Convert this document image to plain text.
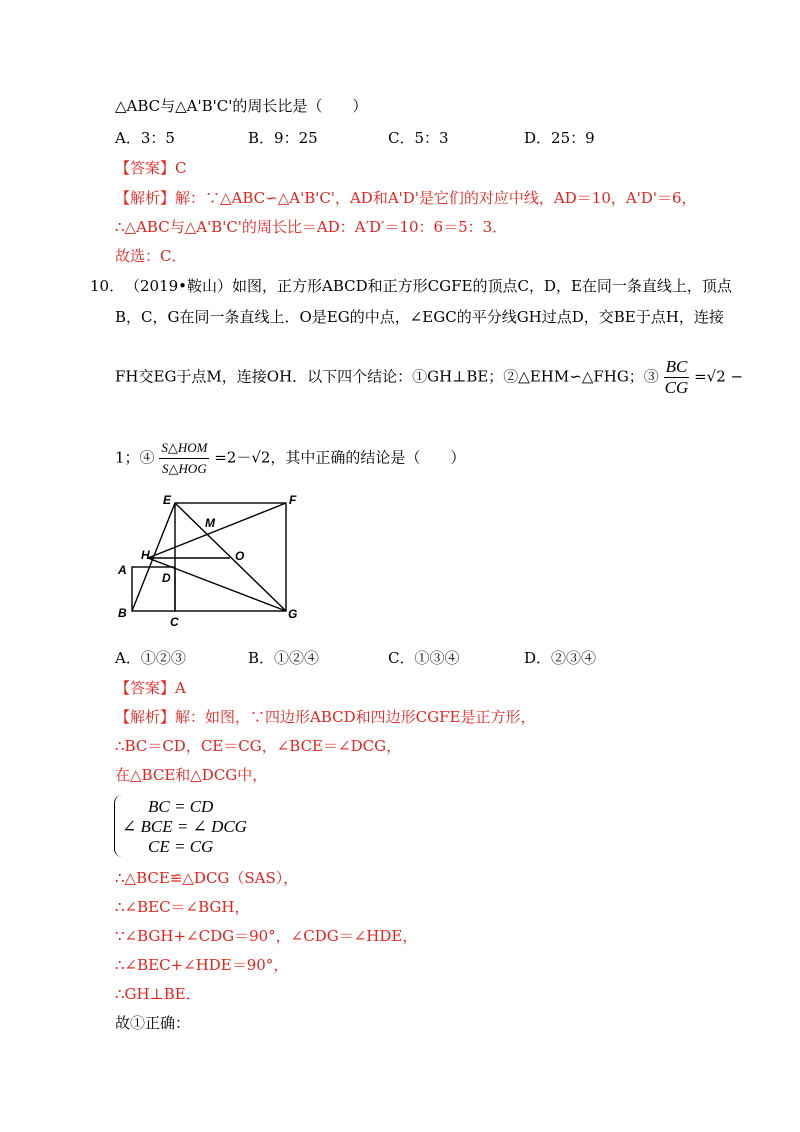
△ABC与△A'B'C'的周长比是（　　）
A．3：5	B．9：25	C．5：3	D．25：9
【答案】C
【解析】解：∵△ABC∽△A'B'C'，AD和A'D'是它们的对应中线，AD＝10，A'D'＝6，
∴△ABC与△A'B'C'的周长比＝AD：A′D′＝10：6＝5：3．
故选：C．
10． （2019•鞍山）如图，正方形ABCD和正方形CGFE的顶点C，D，E在同一条直线上，顶点
B，C，G在同一条直线上．O是EG的中点，∠EGC的平分线GH过点D，交BE于点H，连接
FH交EG于点M，连接OH．以下四个结论：①GH⊥BE；②△EHM∽△FHG；③ $\frac{BC}{CG} =√2$ −
1；④ $\frac{\text{S△HOM}}{\text{S△HOG}} =2-√2$，其中正确的结论是（　　）
E	F
M
H	O
A
D
B
C
G
A．①②③	B．①②④	C．①③④	D．②③④
【答案】A
【解析】解：如图，∵四边形ABCD和四边形CGFE是正方形，
∴BC＝CD，CE＝CG，∠BCE＝∠DCG，
在△BCE和△DCG中，
BC = CD
∠ BCE = ∠ DCG
CE = CG
∴△BCE≌△DCG（SAS），
∴∠BEC＝∠BGH，
∵∠BGH+∠CDG＝90°，∠CDG＝∠HDE，
∴∠BEC+∠HDE＝90°，
∴GH⊥BE．
故①正确：
